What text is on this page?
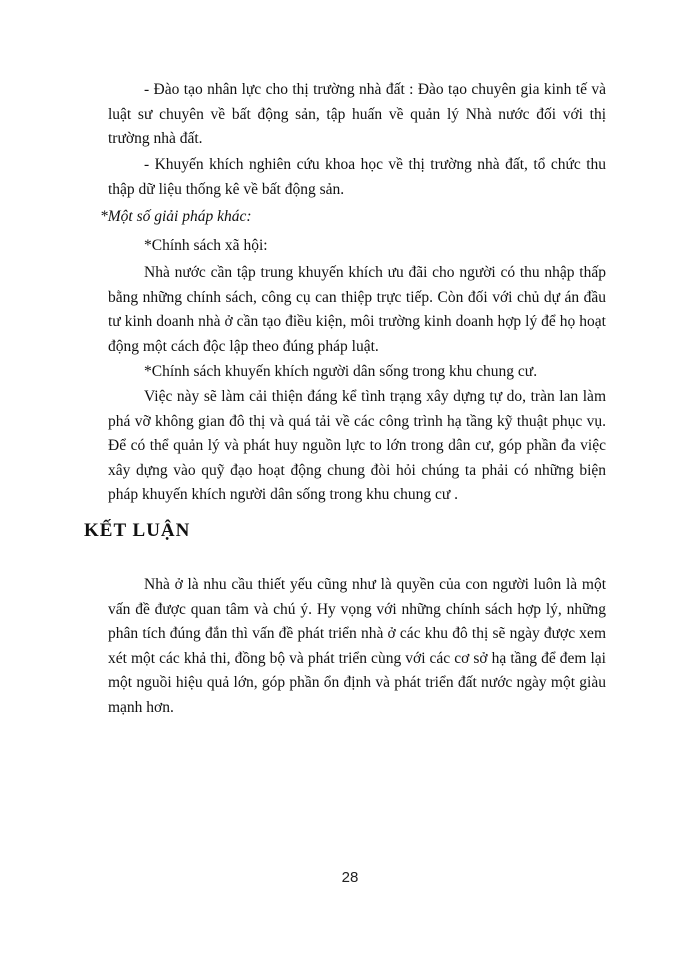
- Đào tạo nhân lực cho thị trường nhà đất : Đào tạo chuyên gia kinh tế và luật sư chuyên về bất động sản, tập huấn về quản lý Nhà nước đối với thị trường nhà đất.

- Khuyến khích nghiên cứu khoa học về thị trường nhà đất, tổ chức thu thập dữ liệu thống kê về bất động sản.

*Một số giải pháp khác:

*Chính sách xã hội:

Nhà nước cần tập trung khuyến khích ưu đãi cho người có thu nhập thấp bằng những chính sách, công cụ can thiệp trực tiếp. Còn đối với chủ dự án đầu tư kinh doanh nhà ở cần tạo điều kiện, môi trường kinh doanh hợp lý để họ hoạt động một cách độc lập theo đúng pháp luật.

*Chính sách khuyến khích người dân sống trong khu chung cư.

Việc này sẽ làm cải thiện đáng kể tình trạng xây dựng tự do, tràn lan làm phá vỡ không gian đô thị và quá tải về các công trình hạ tầng kỹ thuật phục vụ. Để có thể quản lý và phát huy nguồn lực to lớn trong dân cư, góp phần đa việc xây dựng vào quỹ đạo hoạt động chung đòi hỏi chúng ta phải có những biện pháp khuyến khích người dân sống trong khu chung cư .

KẾT LUẬN

Nhà ở là nhu cầu thiết yếu cũng như là quyền của con người luôn là một vấn đề được quan tâm và chú ý. Hy vọng với những chính sách hợp lý, những phân tích đúng đắn thì vấn đề phát triển nhà ở các khu đô thị sẽ ngày được xem xét một các khả thi, đồng bộ và phát triển cùng với các cơ sở hạ tầng để đem lại một nguồi hiệu quả lớn, góp phần ổn định và phát triển đất nước ngày một giàu mạnh hơn.

28
